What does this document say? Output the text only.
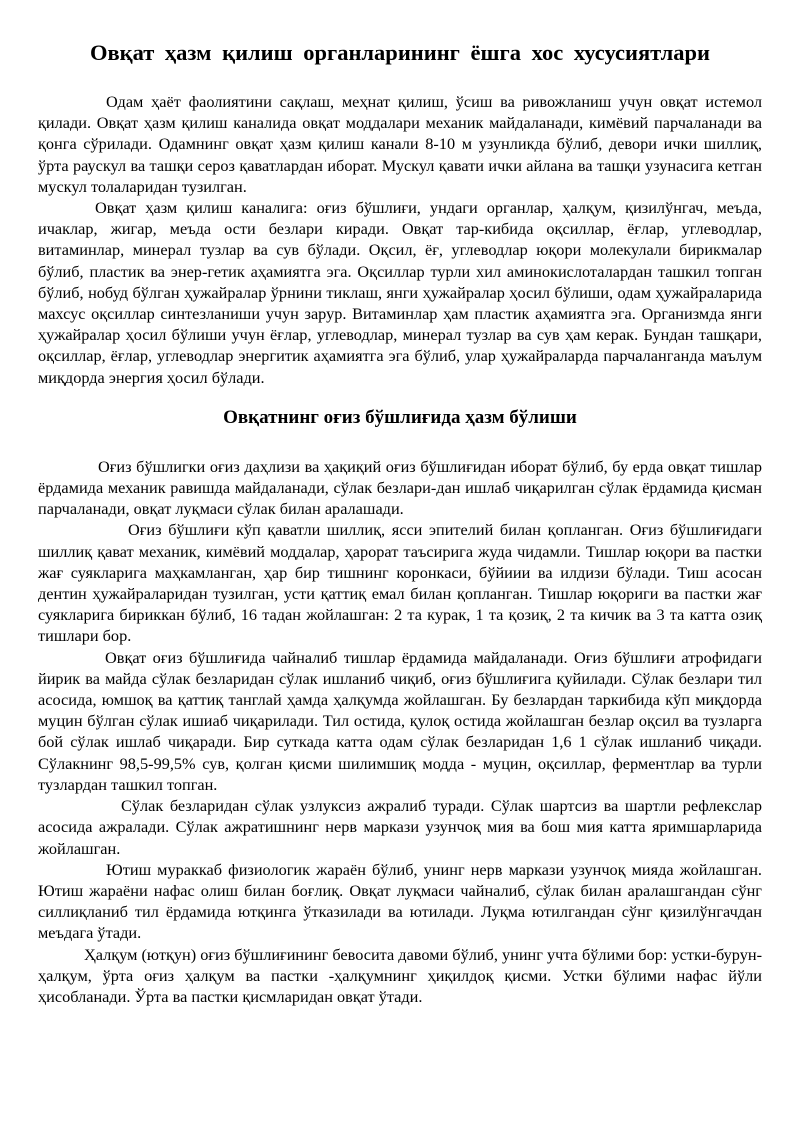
Овқат ҳазм қилиш органларининг ёшга хос хусусиятлари

Одам ҳаёт фаолиятини сақлаш, меҳнат қилиш, ўсиш ва ривожланиш учун овқат истемол қилади. Овқат ҳазм қилиш каналида овқат моддалари механик майдаланади, кимёвий парчаланади ва қонга сўрилади. Одамнинг овқат ҳазм қилиш канали 8-10 м узунликда бўлиб, девори ички шиллиқ, ўрта раускул ва ташқи сероз қаватлардан иборат. Мускул қавати ички айлана ва ташқи узунасига кетган мускул толаларидан тузилган.

Овқат ҳазм қилиш каналига: оғиз бўшлиғи, ундаги органлар, ҳалқум, қизилўнгач, меъда, ичаклар, жигар, меъда ости безлари киради. Овқат тар-кибида оқсиллар, ёғлар, углеводлар, витаминлар, минерал тузлар ва сув бўлади. Оқсил, ёғ, углеводлар юқори молекулали бирикмалар бўлиб, пластик ва энер-гетик аҳамиятга эга. Оқсиллар турли хил аминокислоталардан ташкил топган бўлиб, нобуд бўлган ҳужайралар ўрнини тиклаш, янги ҳужайралар ҳосил бўлиши, одам ҳужайраларида махсус оқсиллар синтезланиши учун зарур. Витаминлар ҳам пластик аҳамиятга эга. Организмда янги ҳужайралар ҳосил бўлиши учун ёғлар, углеводлар, минерал тузлар ва сув ҳам керак. Бундан ташқари, оқсиллар, ёғлар, углеводлар энергитик аҳамиятга эга бўлиб, улар ҳужайраларда парчаланганда маълум миқдорда энергия ҳосил бўлади.

Овқатнинг оғиз бўшлиғида ҳазм бўлиши

Оғиз бўшлигки оғиз даҳлизи ва ҳақиқий оғиз бўшлиғидан иборат бўлиб, бу ерда овқат тишлар ёрдамида механик равишда майдаланади, сўлак безлари-дан ишлаб чиқарилган сўлак ёрдамида қисман парчаланади, овқат луқмаси сўлак билан аралашади.

Оғиз бўшлиғи кўп қаватли шиллиқ, ясси эпителий билан қопланган. Оғиз бўшлиғидаги шиллиқ қават механик, кимёвий моддалар, ҳарорат таъсирига жуда чидамли. Тишлар юқори ва пастки жағ суякларига маҳкамланган, ҳар бир тишнинг коронкаси, бўйиии ва илдизи бўлади. Тиш асосан дентин ҳужайраларидан тузилган, усти қаттиқ емал билан қопланган. Тишлар юқориги ва пастки жағ суякларига бириккан бўлиб, 16 тадан жойлашган: 2 та курак, 1 та қозиқ, 2 та кичик ва 3 та катта озиқ тишлари бор.

Овқат оғиз бўшлиғида чайналиб тишлар ёрдамида майдаланади. Оғиз бўшлиғи атрофидаги йирик ва майда сўлак безларидан сўлак ишланиб чиқиб, оғиз бўшлиғига қуйилади. Сўлак безлари тил асосида, юмшоқ ва қаттиқ танглай ҳамда ҳалқумда жойлашган. Бу безлардан таркибида кўп миқдорда муцин бўлган сўлак ишиаб чиқарилади. Тил остида, қулоқ остида жойлашган безлар оқсил ва тузларга бой сўлак ишлаб чиқаради. Бир суткада катта одам сўлак безларидан 1,6 1 сўлак ишланиб чиқади. Сўлакнинг 98,5-99,5% сув, қолган қисми шилимшиқ модда - муцин, оқсиллар, ферментлар ва турли тузлардан ташкил топган.

Сўлак безларидан сўлак узлуксиз ажралиб туради. Сўлак шартсиз ва шартли рефлекслар асосида ажралади. Сўлак ажратишнинг нерв маркази узунчоқ мия ва бош мия катта яримшарларида жойлашган.

Ютиш мураккаб физиологик жараён бўлиб, унинг нерв маркази узунчоқ мияда жойлашган. Ютиш жараёни нафас олиш билан боғлиқ. Овқат луқмаси чайналиб, сўлак билан аралашгандан сўнг силлиқланиб тил ёрдамида ютқинга ўтказилади ва ютилади. Луқма ютилгандан сўнг қизилўнгачдан меъдага ўтади.

Ҳалқум (ютқун) оғиз бўшлиғининг бевосита давоми бўлиб, унинг учта бўлими бор: устки-бурун-ҳалқум, ўрта оғиз ҳалқум ва пастки -ҳалқумнинг ҳиқилдоқ қисми. Устки бўлими нафас йўли ҳисобланади. Ўрта ва пастки қисмларидан овқат ўтади.
